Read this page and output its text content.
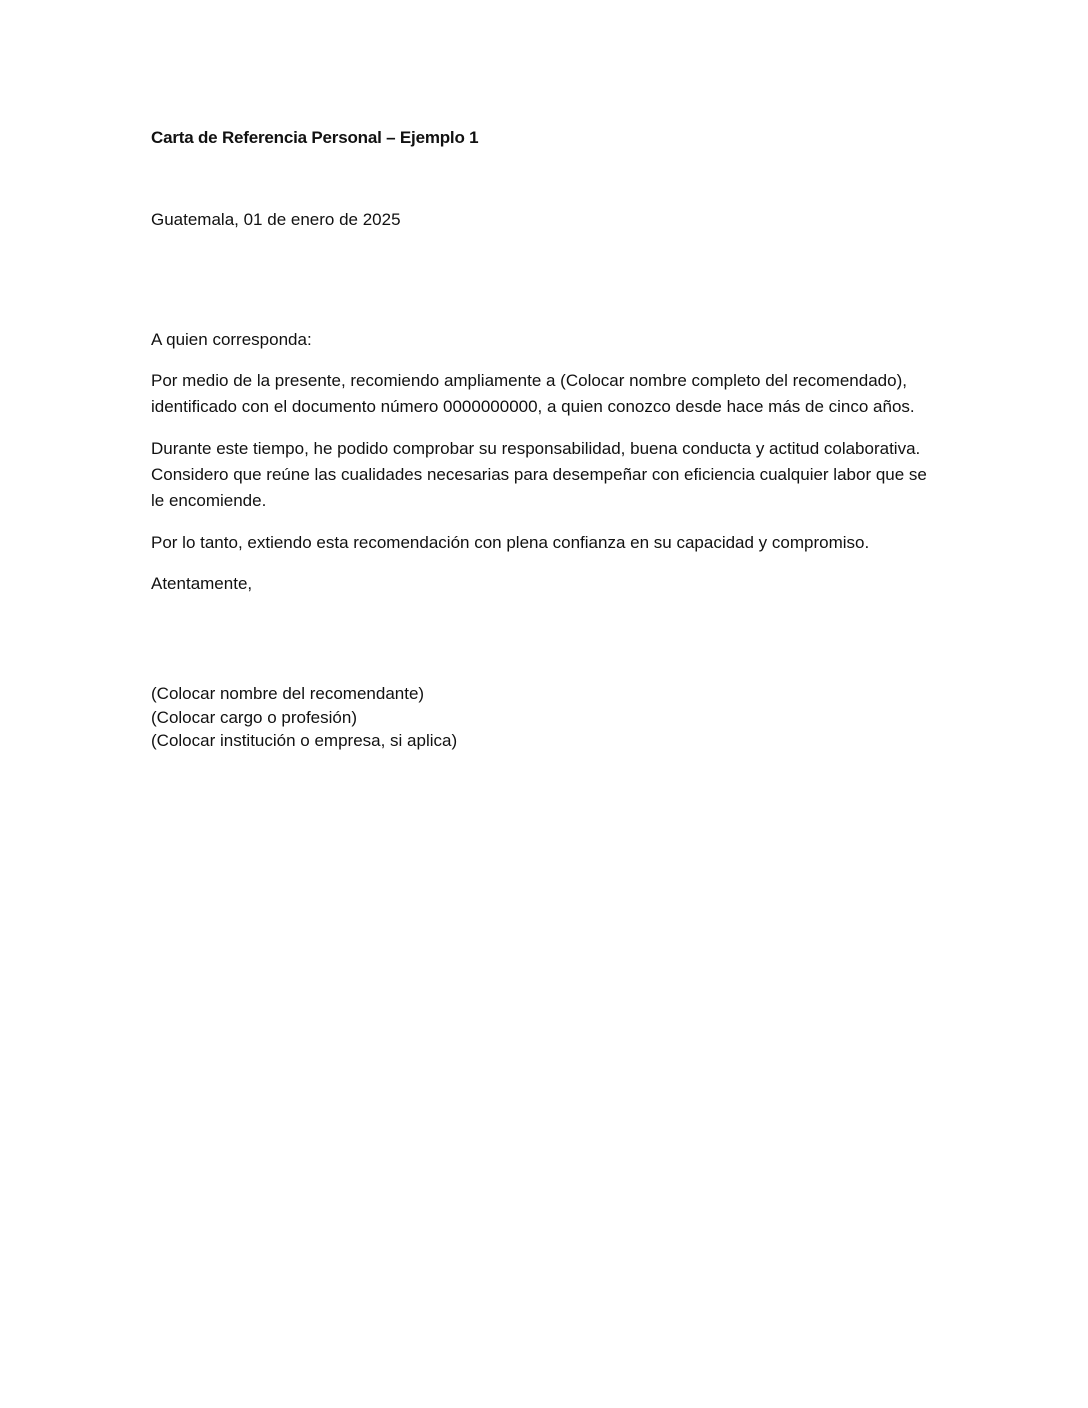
Carta de Referencia Personal – Ejemplo 1

Guatemala, 01 de enero de 2025

A quien corresponda:

Por medio de la presente, recomiendo ampliamente a (Colocar nombre completo del recomendado), identificado con el documento número 0000000000, a quien conozco desde hace más de cinco años.

Durante este tiempo, he podido comprobar su responsabilidad, buena conducta y actitud colaborativa. Considero que reúne las cualidades necesarias para desempeñar con eficiencia cualquier labor que se le encomiende.

Por lo tanto, extiendo esta recomendación con plena confianza en su capacidad y compromiso.

Atentamente,

(Colocar nombre del recomendante)

(Colocar cargo o profesión)

(Colocar institución o empresa, si aplica)
